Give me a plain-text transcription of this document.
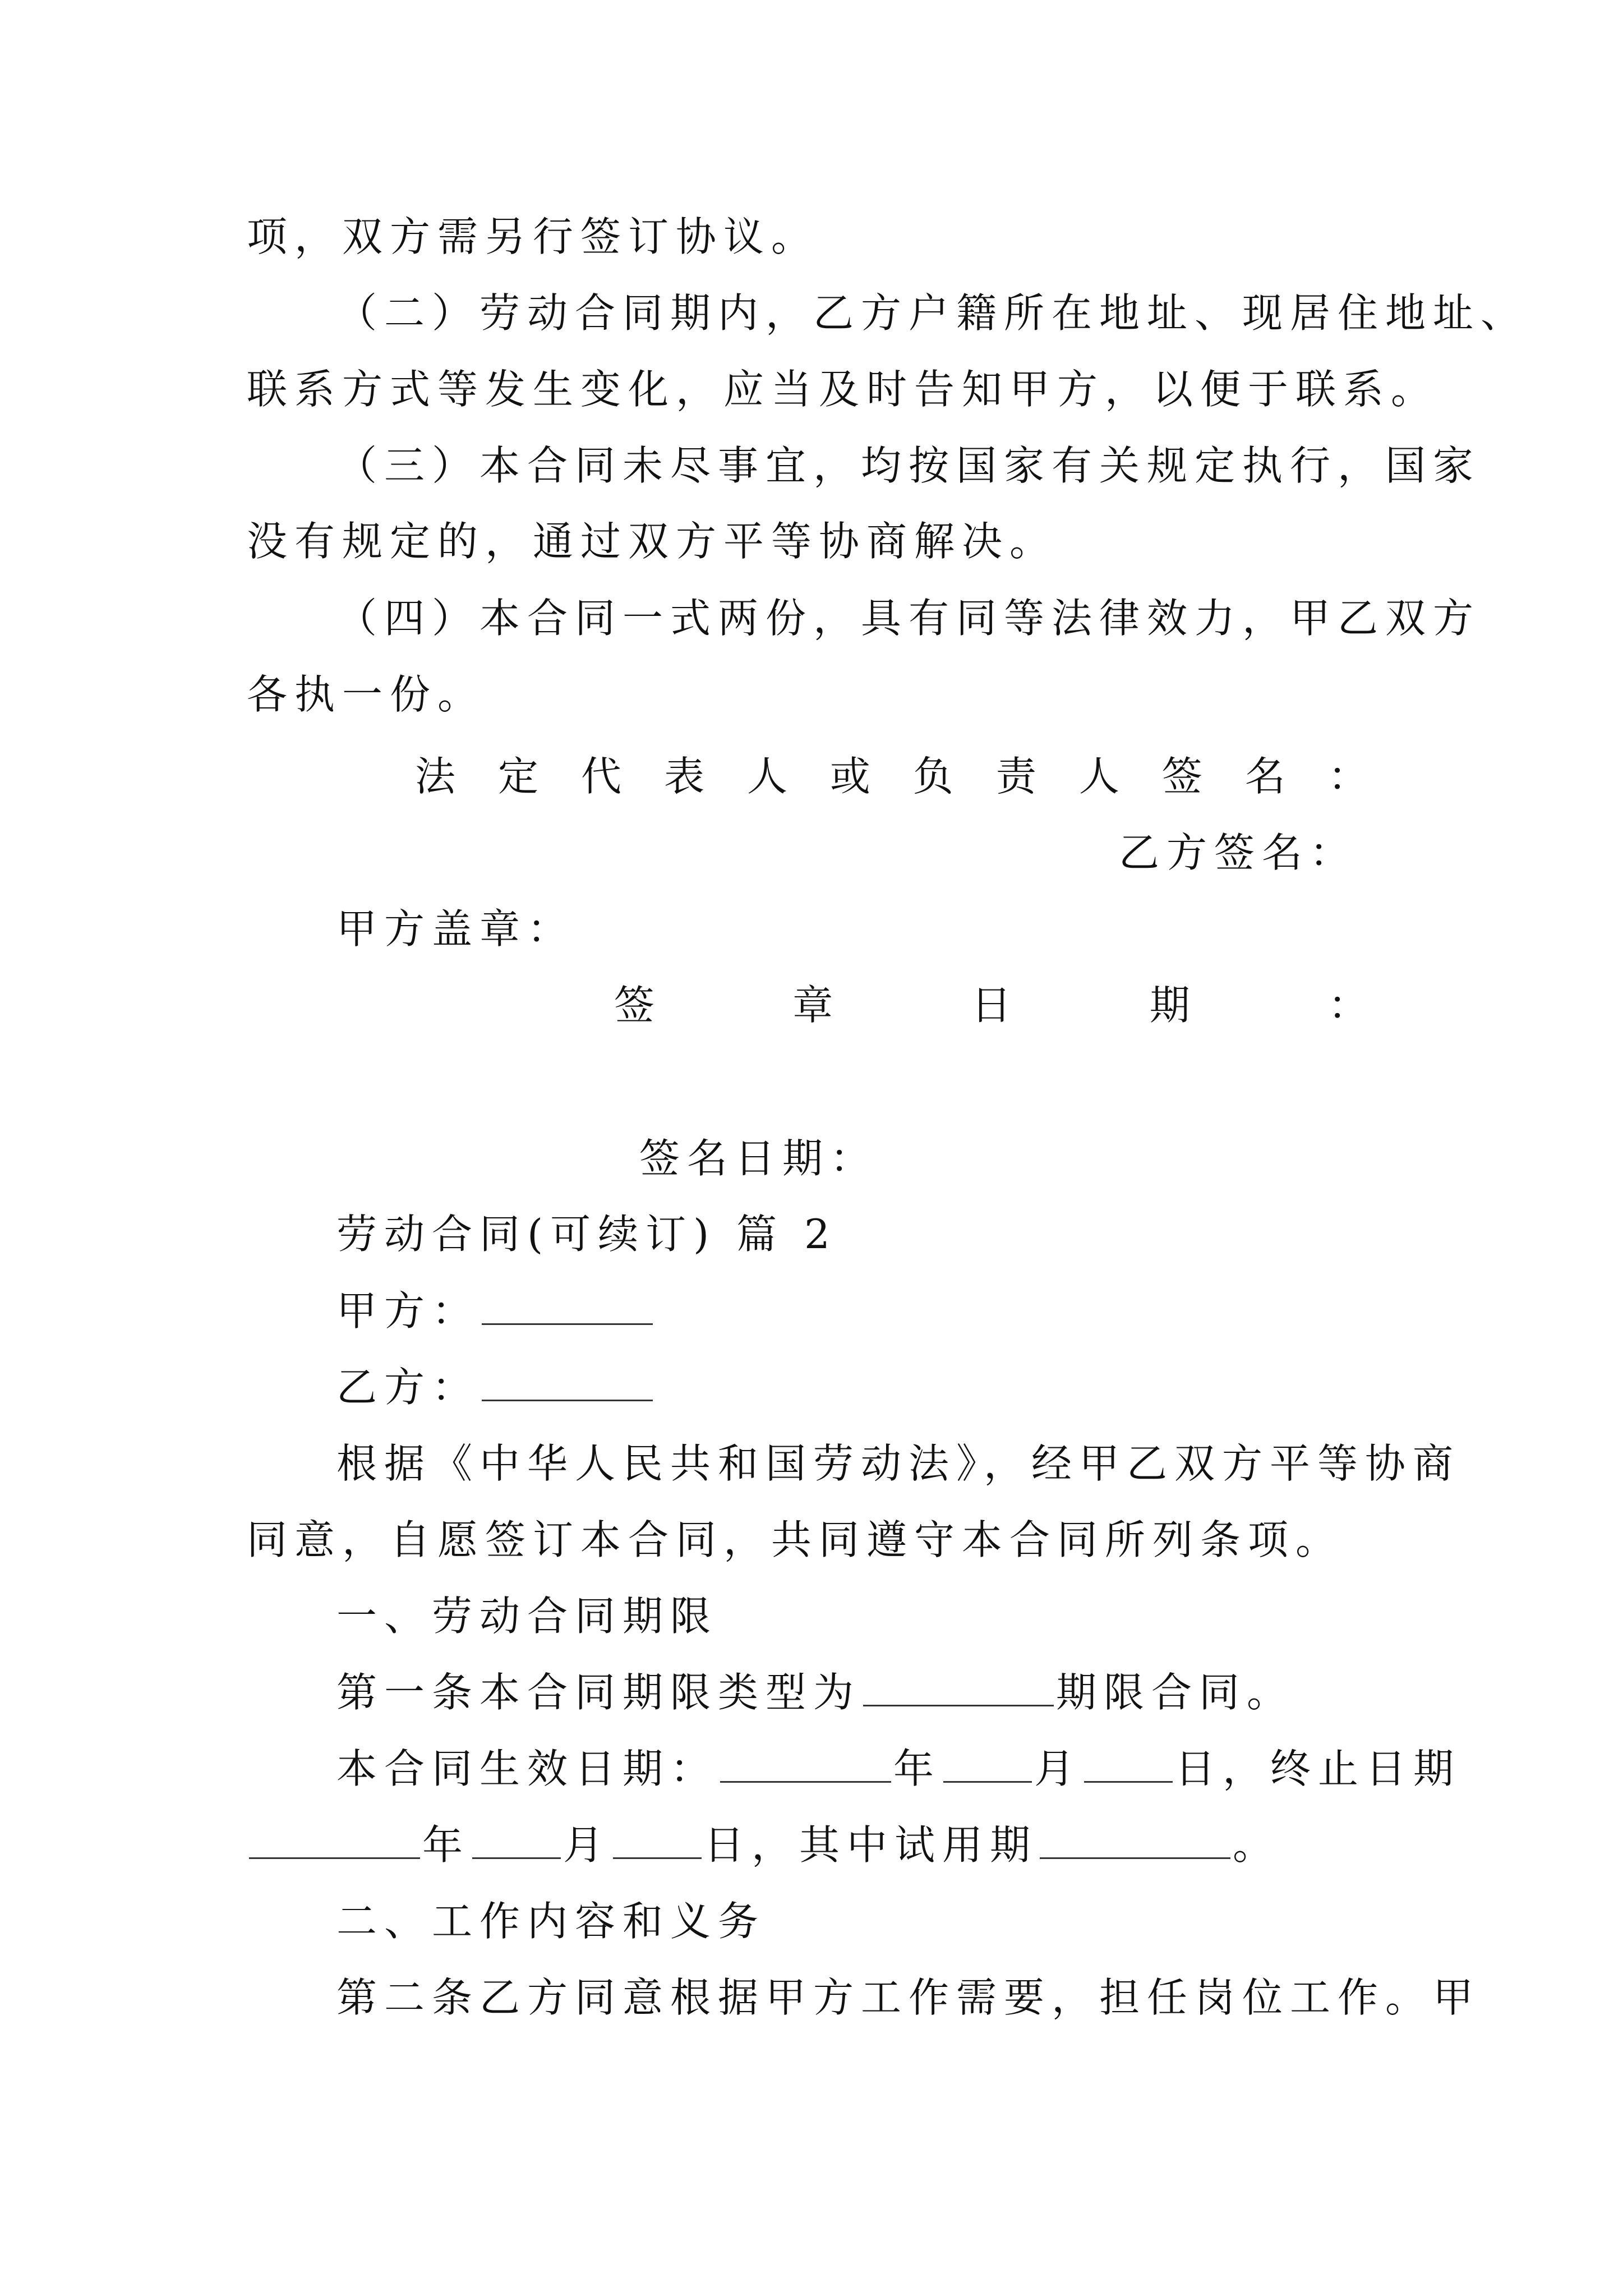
项，双方需另行签订协议。
（二）劳动合同期内，乙方户籍所在地址、现居住地址、
联系方式等发生变化，应当及时告知甲方，以便于联系。
（三）本合同未尽事宜，均按国家有关规定执行，国家
没有规定的，通过双方平等协商解决。
（四）本合同一式两份，具有同等法律效力，甲乙双方
各执一份。
法 定 代 表 人 或 负 责 人 签 名 ：
乙方签名：
甲方盖章：
签	章	日	期	：
签名日期：
劳动合同(可续订) 篇 2
甲方：
乙方：
根据《中华人民共和国劳动法》，经甲乙双方平等协商
同意，自愿签订本合同，共同遵守本合同所列条项。
一、劳动合同期限
第一条本合同期限类型为	期限合同。
本合同生效日期：	年 月 日，终止日期
年 月 日，其中试用期	。
二、工作内容和义务
第二条乙方同意根据甲方工作需要，担任岗位工作。甲
